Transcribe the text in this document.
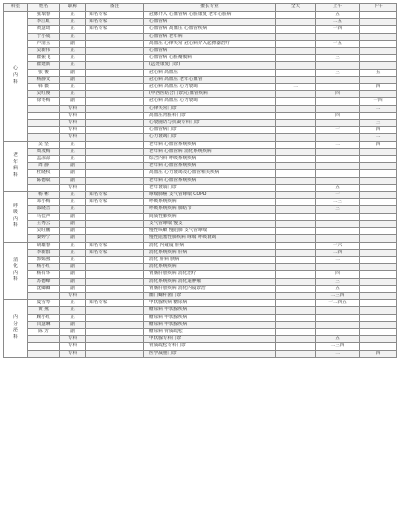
科室	姓名	职称	备注	擅长专业	全天	上午	下午
心内科	张瑞春	正	知名专家	冠脉介入 心血管病 心脏康复 老年心脏病		五	
	李江虹	正	知名专家	心血管病		二五	
	黄慧琦	正	知名专家	心血管病 高血压 心血管疾病		一四	
	于小成	正		心血管病 老年病			
	卢清玉	副		高血压 心律失常 冠心病介入起搏器治疗		一五	
	吴新伟	正		心血管病			
	瞿振飞	正		心血管病 心脏瓣膜病		三	
	瞿建新	正		(远处康复门诊)			
	张 俊	副		冠心病 高血压		三	五
	杨静文	副		冠心病 高血压 老年心血管			
	韩 薇	正		冠心病 高血压 心力衰竭	二		四
	吴红俊	正		(中西医结合门诊)心血管疾病		四	
	徐冬梅	副		冠心病 高血压 心力衰竭			一四
		专科		心律失常门诊			二
		专科		高血压肾脏科门诊		四	
		专科		心衰随访与抗凝专科门诊			三
		专科		心血管病门诊		一	四
		专科		心力衰竭门诊			二
老年病科	吴 坚	正		老年病 心血管系统疾病		二	四
	周茂梅	正		老年病 心血管病 消化系统疾病			
	孟凉凉	正		综合内科 呼吸系统疾病			
	周 静	副		老年病 心血管系统疾病			
	杜晓权	副		高血压 心力衰竭及心血管相关疾病			
	陈德斌	副		老年病 心血管系统疾病			
		专科		老年衰弱门诊		五	
呼吸内科	杨 彬	正	知名专家	哮喘肺癌 支气管哮喘 COPD		一	
	邓小梅	正	知名专家	呼吸系统疾病		二三	
	邵晓音	正		呼吸系统疾病 肺结节		三	
	马佳声	副		间质性肺疾病			
	王秀云	副		支气管哮喘 慢支			
	吴旺鹏	副		慢性咳嗽 慢阻肺 支气管哮喘			
	秦婷宁	副		慢性阻塞性肺疾病 哮喘 呼吸衰竭			
消化内科	胡雄春	正	知名专家	消化 内窥镜 肝病		一六	
	李新群	正	知名专家	消化系统疾病 肝病		二四	
	郭嫣燕	正		消化 肝病 胰病		二	
	杨小红	副		消化系统疾病			
	杨有华	副		胃肠肝胆疾病 消化治疗		四	
	苏德峰	副		消化系统疾病 消化道肿瘤		三	
	沈卿卿	副		胃肠肝胆疾病 消化内镜诊治		五	
		专科		幽门螺杆菌门诊		二三四	
内分泌科	夏雪琴	正	知名专家	甲状腺疾病 糖尿病		一二四五	
	黄 燕	正		糖尿病 甲状腺疾病			
	顾小红	正		糖尿病 甲状腺疾病			
	闫慧琳	副		糖尿病 甲状腺疾病			
	陈 芳	副		糖尿病 骨质疏松			
		专科		甲状腺专科门诊		五	
		专科		骨质疏松专科门诊		二三四	
		专科		医学减重门诊		二	四
